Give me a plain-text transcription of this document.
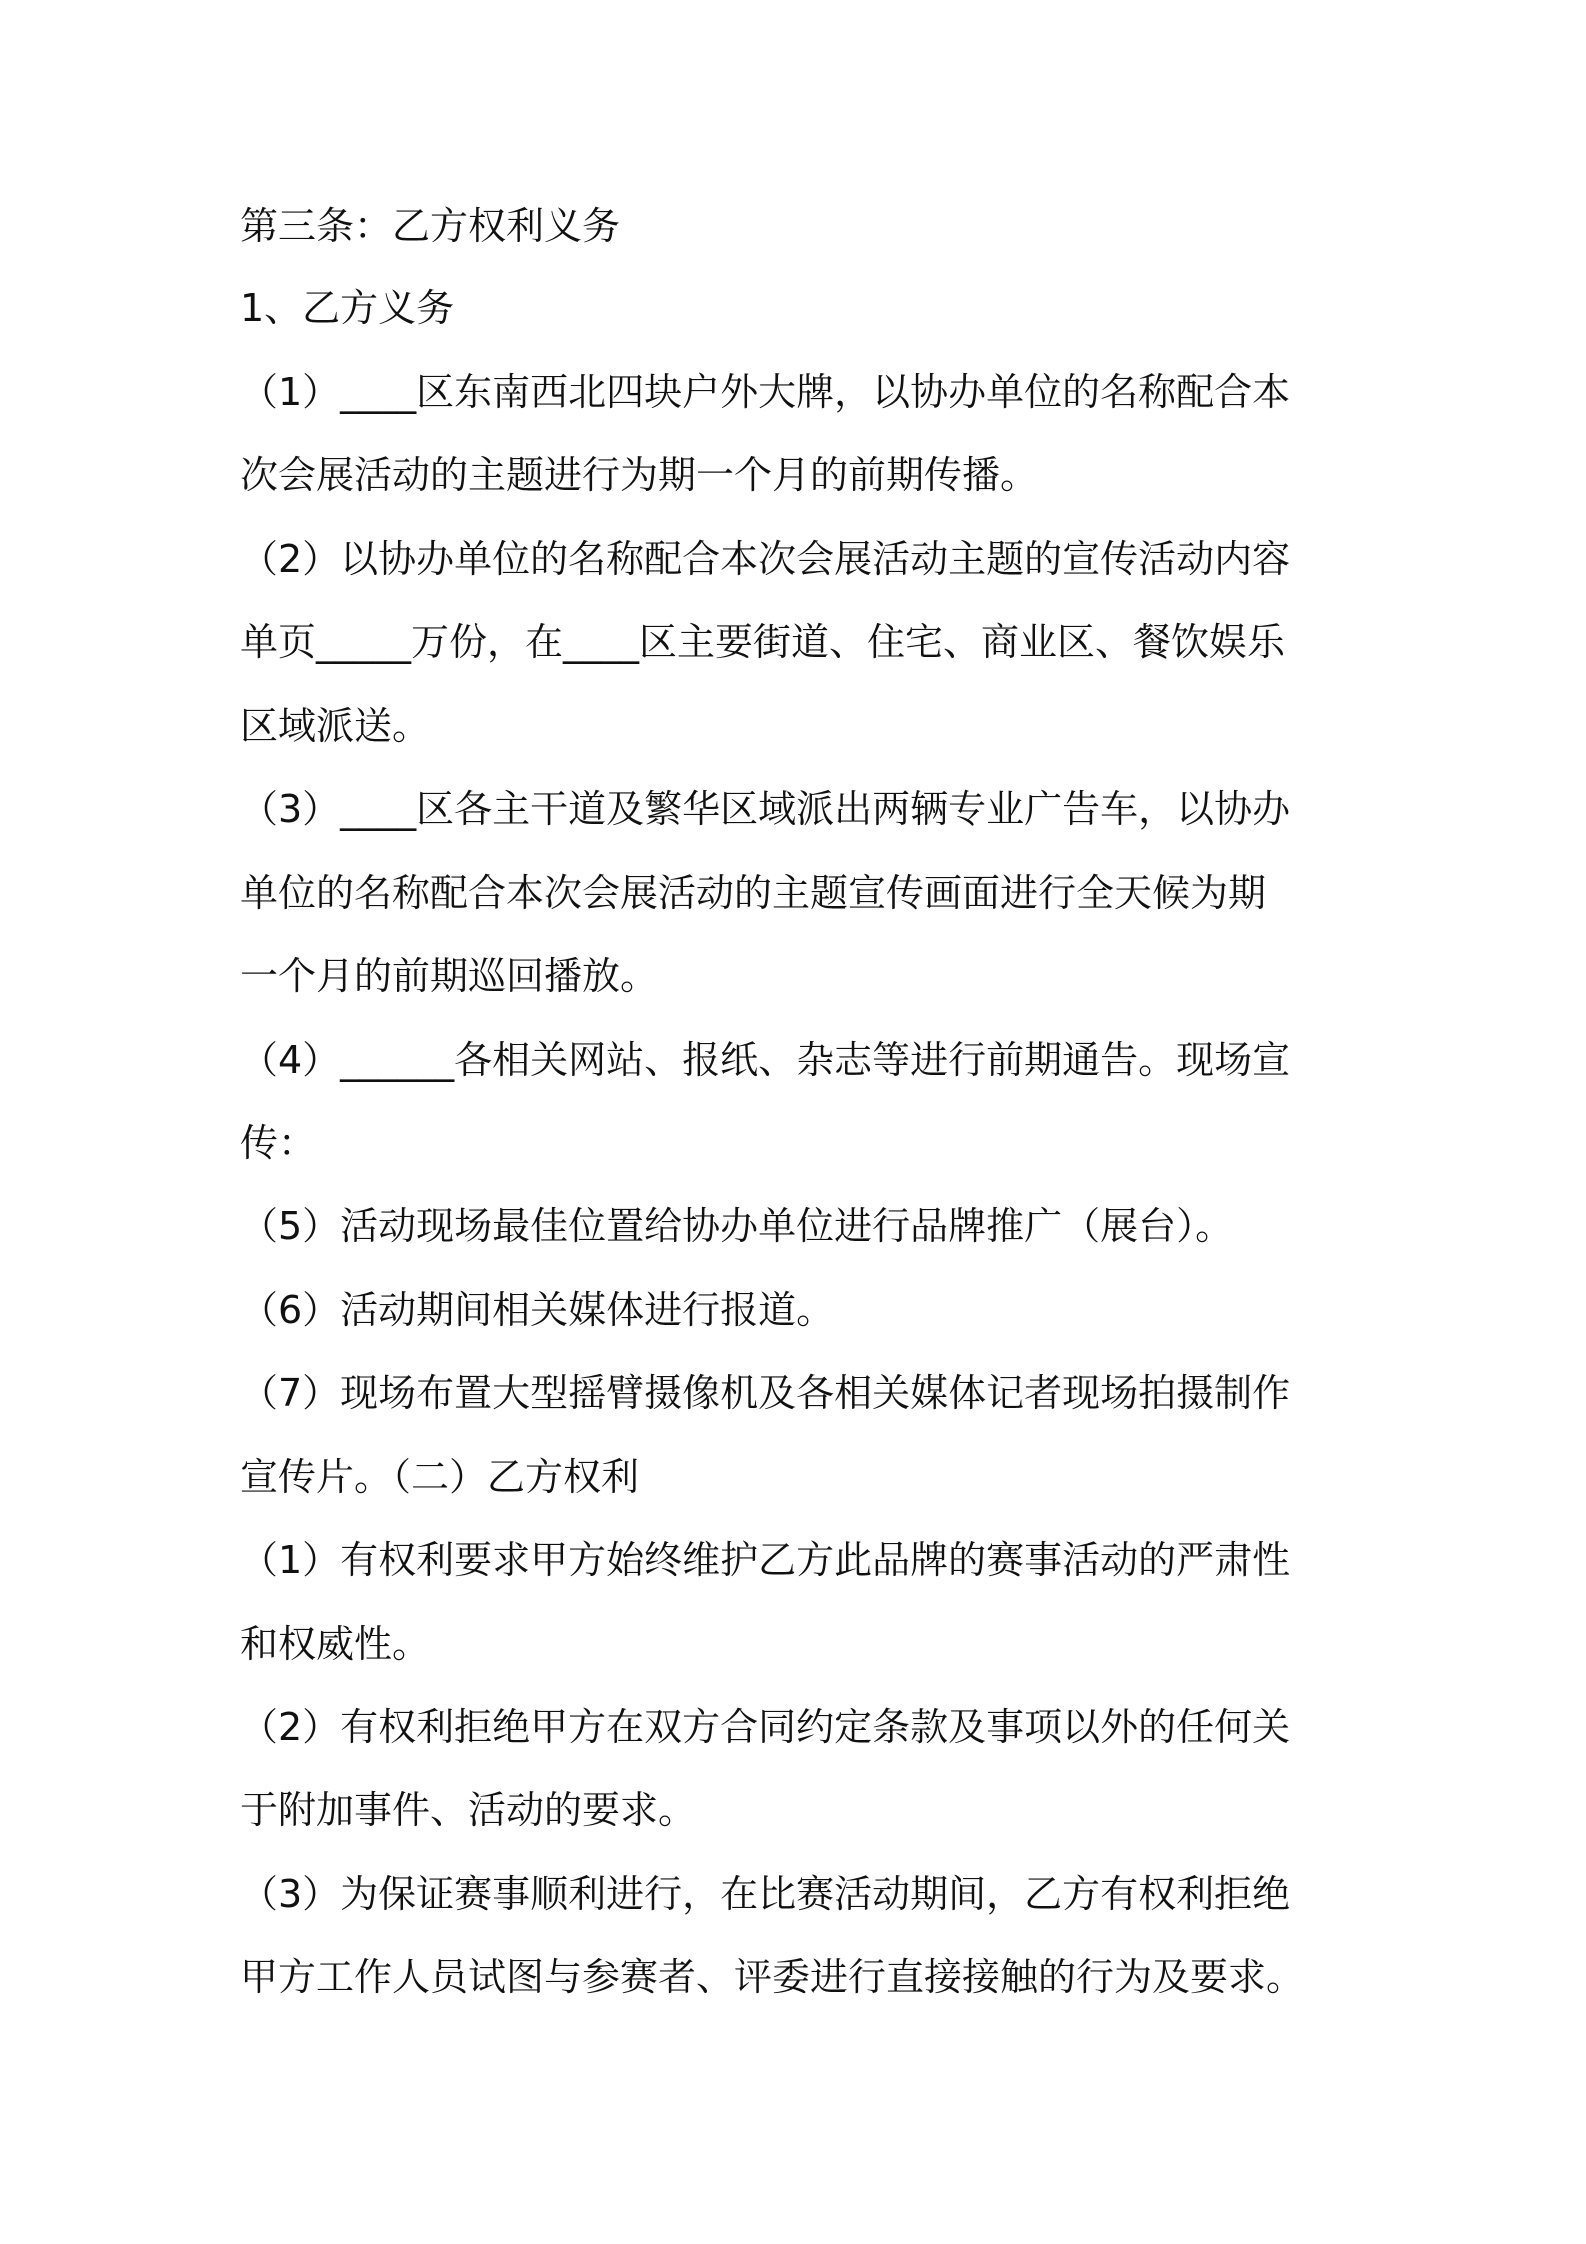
第三条：乙方权利义务
1、乙方义务
（1）____区东南西北四块户外大牌，以协办单位的名称配合本
次会展活动的主题进行为期一个月的前期传播。
（2）以协办单位的名称配合本次会展活动主题的宣传活动内容
单页_____万份，在____区主要街道、住宅、商业区、餐饮娱乐
区域派送。
（3）____区各主干道及繁华区域派出两辆专业广告车，以协办
单位的名称配合本次会展活动的主题宣传画面进行全天候为期
一个月的前期巡回播放。
（4）______各相关网站、报纸、杂志等进行前期通告。现场宣
传：
（5）活动现场最佳位置给协办单位进行品牌推广（展台）。
（6）活动期间相关媒体进行报道。
（7）现场布置大型摇臂摄像机及各相关媒体记者现场拍摄制作
宣传片。（二）乙方权利
（1）有权利要求甲方始终维护乙方此品牌的赛事活动的严肃性
和权威性。
（2）有权利拒绝甲方在双方合同约定条款及事项以外的任何关
于附加事件、活动的要求。
（3）为保证赛事顺利进行，在比赛活动期间，乙方有权利拒绝
甲方工作人员试图与参赛者、评委进行直接接触的行为及要求。
